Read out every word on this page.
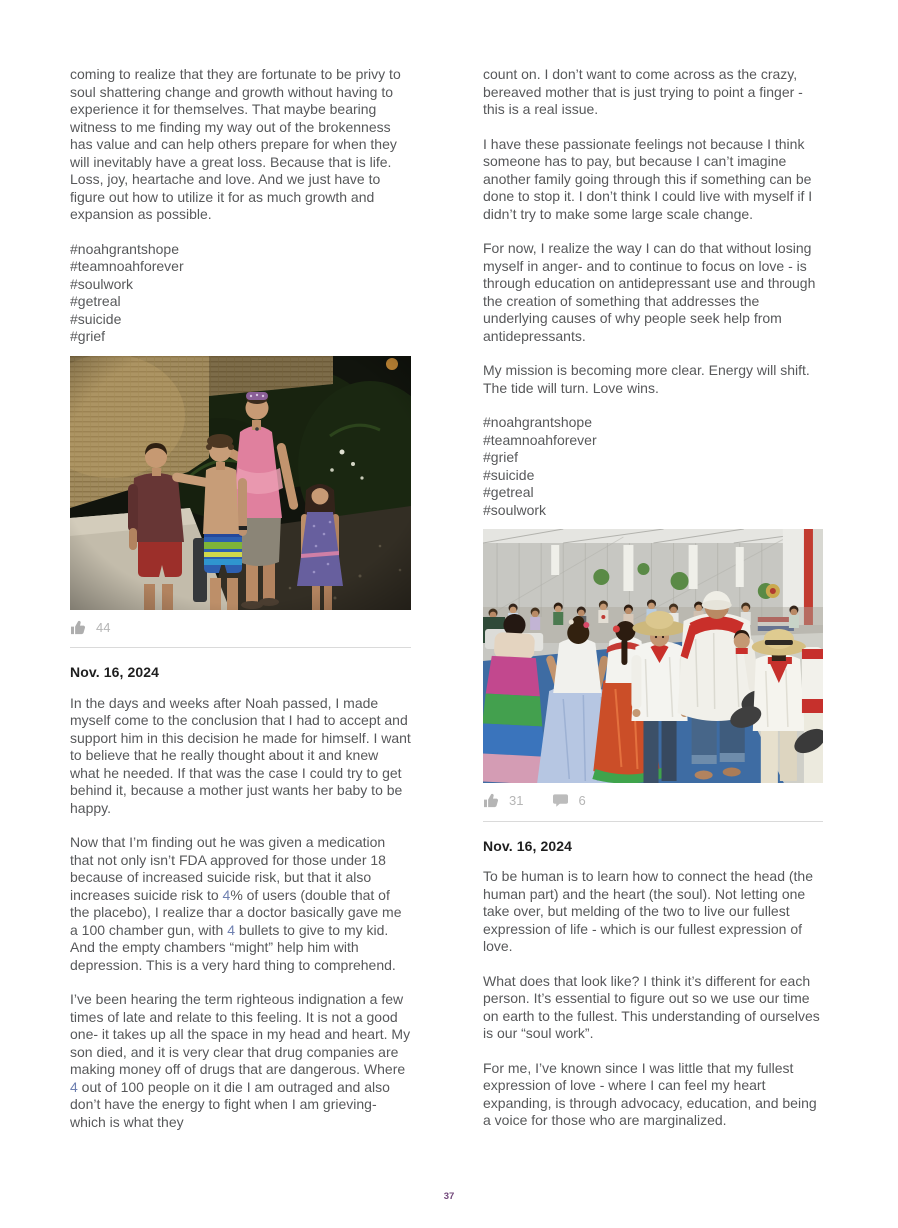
coming to realize that they are fortunate to be privy to soul shattering change and growth without having to experience it for themselves. That maybe bearing witness to me finding my way out of the brokenness has value and can help others prepare for when they will inevitably have a great loss. Because that is life. Loss, joy, heartache and love. And we just have to figure out how to utilize it for as much growth and expansion as possible.

#noahgrantshope
#teamnoahforever
#soulwork
#getreal
#suicide
#grief
44
Nov. 16, 2024

In the days and weeks after Noah passed, I made myself come to the conclusion that I had to accept and support him in this decision he made for himself. I want to believe that he really thought about it and knew what he needed. If that was the case I could try to get behind it, because a mother just wants her baby to be happy.

Now that I’m finding out he was given a medication that not only isn’t FDA approved for those under 18 because of increased suicide risk, but that it also increases suicide risk to 4% of users (double that of the placebo), I realize thar a doctor basically gave me a 100 chamber gun, with 4 bullets to give to my kid. And the empty chambers “might” help him with depression. This is a very hard thing to comprehend.

I’ve been hearing the term righteous indignation a few times of late and relate to this feeling. It is not a good one- it takes up all the space in my head and heart. My son died, and it is very clear that drug companies are making money off of drugs that are dangerous. Where 4 out of 100 people on it die I am outraged and also don’t have the energy to fight when I am grieving- which is what they

count on. I don’t want to come across as the crazy, bereaved mother that is just trying to point a finger - this is a real issue.

I have these passionate feelings not because I think someone has to pay, but because I can’t imagine another family going through this if something can be done to stop it. I don’t think I could live with myself if I didn’t try to make some large scale change.

For now, I realize the way I can do that without losing myself in anger- and to continue to focus on love - is through education on antidepressant use and through the creation of something that addresses the underlying causes of why people seek help from antidepressants.

My mission is becoming more clear. Energy will shift. The tide will turn. Love wins.

#noahgrantshope
#teamnoahforever
#grief
#suicide
#getreal
#soulwork
31	6
Nov. 16, 2024

To be human is to learn how to connect the head (the human part) and the heart (the soul). Not letting one take over, but melding of the two to live our fullest expression of life - which is our fullest expression of love.

What does that look like? I think it’s different for each person. It’s essential to figure out so we use our time on earth to the fullest. This understanding of ourselves is our “soul work”.

For me, I’ve known since I was little that my fullest expression of love - where I can feel my heart expanding, is through advocacy, education, and being a voice for those who are marginalized.

37
